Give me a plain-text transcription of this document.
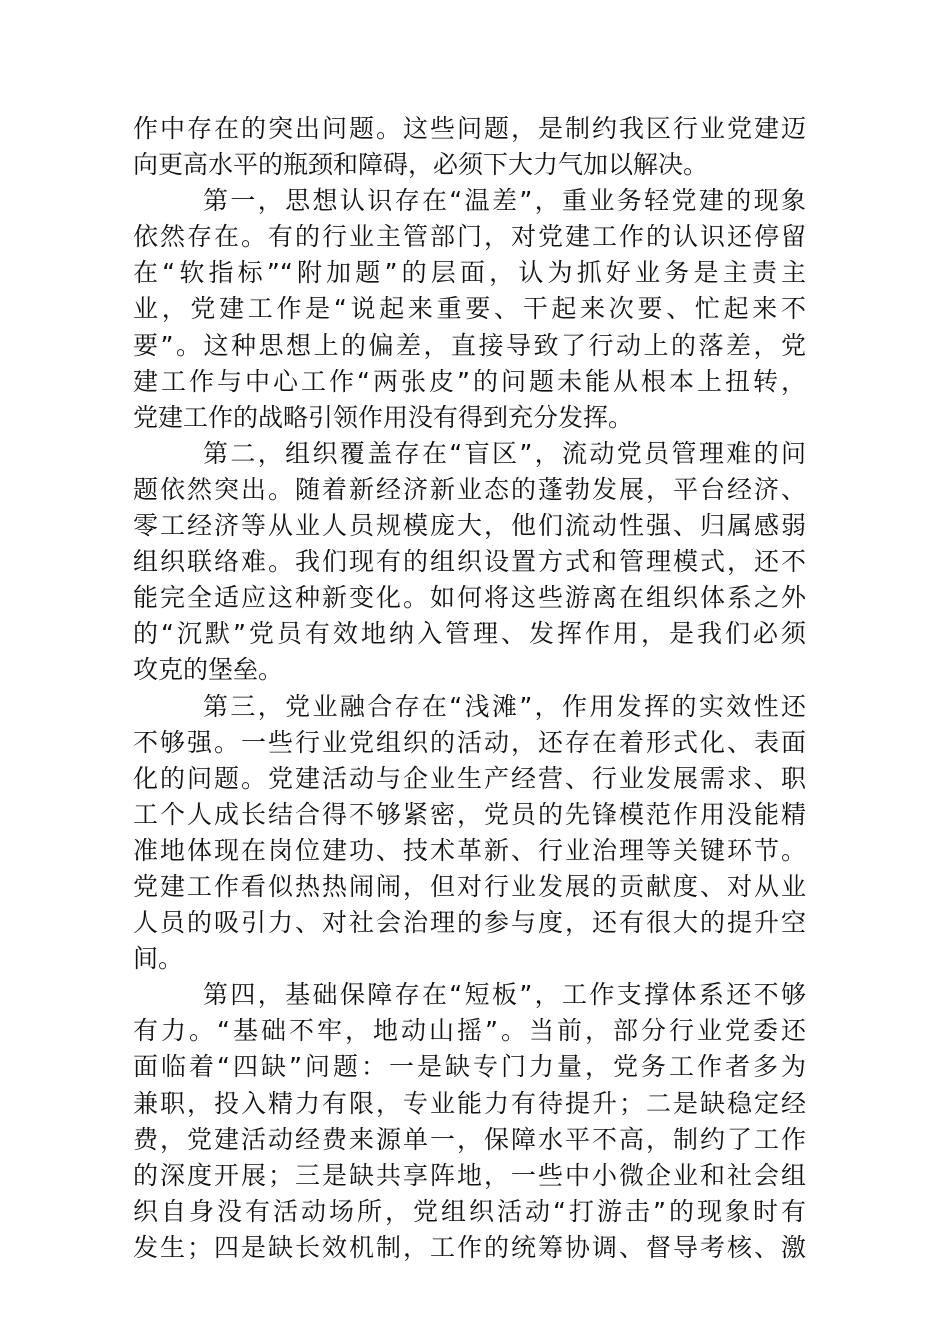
作中存在的突出问题。这些问题，是制约我区行业党建迈
向更高水平的瓶颈和障碍，必须下大力气加以解决。
第一，思想认识存在“温差”，重业务轻党建的现象
依然存在。有的行业主管部门，对党建工作的认识还停留
在“软指标”“附加题”的层面，认为抓好业务是主责主
业，党建工作是“说起来重要、干起来次要、忙起来不
要”。这种思想上的偏差，直接导致了行动上的落差，党
建工作与中心工作“两张皮”的问题未能从根本上扭转，
党建工作的战略引领作用没有得到充分发挥。
第二，组织覆盖存在“盲区”，流动党员管理难的问
题依然突出。随着新经济新业态的蓬勃发展，平台经济、
零工经济等从业人员规模庞大，他们流动性强、归属感弱
组织联络难。我们现有的组织设置方式和管理模式，还不
能完全适应这种新变化。如何将这些游离在组织体系之外
的“沉默”党员有效地纳入管理、发挥作用，是我们必须
攻克的堡垒。
第三，党业融合存在“浅滩”，作用发挥的实效性还
不够强。一些行业党组织的活动，还存在着形式化、表面
化的问题。党建活动与企业生产经营、行业发展需求、职
工个人成长结合得不够紧密，党员的先锋模范作用没能精
准地体现在岗位建功、技术革新、行业治理等关键环节。
党建工作看似热热闹闹，但对行业发展的贡献度、对从业
人员的吸引力、对社会治理的参与度，还有很大的提升空
间。
第四，基础保障存在“短板”，工作支撑体系还不够
有力。“基础不牢，地动山摇”。当前，部分行业党委还
面临着“四缺”问题：一是缺专门力量，党务工作者多为
兼职，投入精力有限，专业能力有待提升；二是缺稳定经
费，党建活动经费来源单一，保障水平不高，制约了工作
的深度开展；三是缺共享阵地，一些中小微企业和社会组
织自身没有活动场所，党组织活动“打游击”的现象时有
发生；四是缺长效机制，工作的统筹协调、督导考核、激
